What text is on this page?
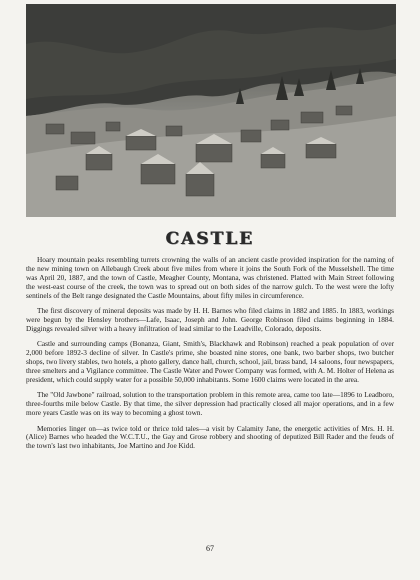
CASTLE

Hoary mountain peaks resembling turrets crowning the walls of an ancient castle provided inspiration for the naming of the new mining town on Allebaugh Creek about five miles from where it joins the South Fork of the Musselshell. The time was April 20, 1887, and the town of Castle, Meagher County, Montana, was christened. Platted with Main Street following the west-east course of the creek, the town was to spread out on both sides of the narrow gulch. To the west were the lofty sentinels of the Belt range designated the Castle Mountains, about fifty miles in circumference.

The first discovery of mineral deposits was made by H. H. Barnes who filed claims in 1882 and 1885. In 1883, workings were begun by the Hensley brothers—Lafe, Isaac, Joseph and John. George Robinson filed claims beginning in 1884. Diggings revealed silver with a heavy infiltration of lead similar to the Leadville, Colorado, deposits.

Castle and surrounding camps (Bonanza, Giant, Smith's, Blackhawk and Robinson) reached a peak population of over 2,000 before 1892-3 decline of silver. In Castle's prime, she boasted nine stores, one bank, two barber shops, two butcher shops, two livery stables, two hotels, a photo gallery, dance hall, church, school, jail, brass band, 14 saloons, four newspapers, three smelters and a Vigilance committee. The Castle Water and Power Company was formed, with A. M. Holter of Helena as president, which could supply water for a possible 50,000 inhabitants. Some 1600 claims were located in the area.

The "Old Jawbone" railroad, solution to the transportation problem in this remote area, came too late—1896 to Leadboro, three-fourths mile below Castle. By that time, the silver depression had practically closed all major operations, and in a few more years Castle was on its way to becoming a ghost town.

Memories linger on—as twice told or thrice told tales—a visit by Calamity Jane, the energetic activities of Mrs. H. H. (Alice) Barnes who headed the W.C.T.U., the Gay and Grose robbery and shooting of deputized Bill Rader and the feuds of the town's last two inhabitants, Joe Martino and Joe Kidd.

67
